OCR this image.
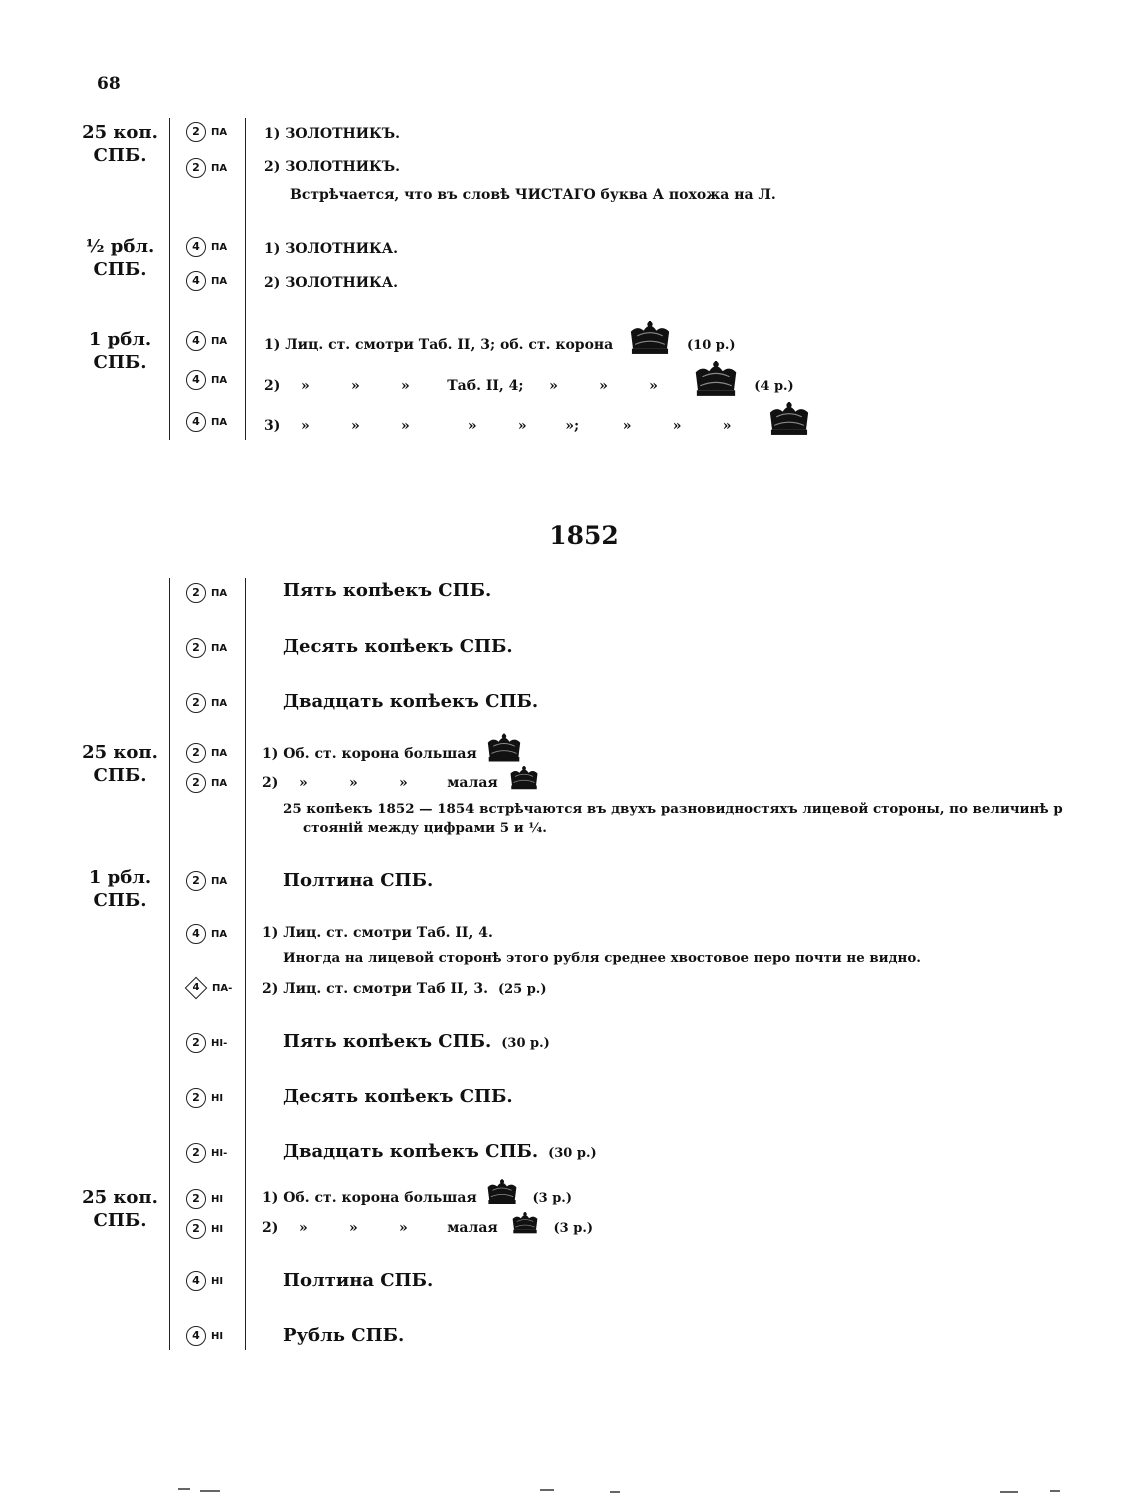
68
25 коп.
СПБ.
2	ПА	1) ЗОЛОТНИКЪ.
2	ПА	2) ЗОЛОТНИКЪ.
Встрѣчается, что въ словѣ ЧИСТАГО буква А похожа на Л.
½ рбл.
СПБ.
4	ПА	1) ЗОЛОТНИКА.
4	ПА	2) ЗОЛОТНИКА.
1 рбл.
СПБ.
4	ПА	1) Лиц. ст. смотри Таб. II, 3; об. ст. корона	(10 р.)
4	ПА	2) »	»	»	Таб. II, 4; »	»	»	(4 р.)
4	ПА	3) »	»	»	»	»	»;	»	»	»
1852
2	ПА	Пять копѣекъ СПБ.
2	ПА	Десять копѣекъ СПБ.
2	ПА	Двадцать копѣекъ СПБ.
25 коп.
СПБ.
2	ПА 1) Об. ст. корона большая
2	ПА 2) »	»	»	малая
25 копѣекъ 1852 — 1854 встрѣчаются въ двухъ разновидностяхъ лицевой стороны, по величинѣ р
стояній между цифрами 5 и ¼.
1 рбл.
СПБ.
2	ПА	Полтина СПБ.
4	ПА 1) Лиц. ст. смотри Таб. II, 4.
Иногда на лицевой сторонѣ этого рубля среднее хвостовое перо почти не видно.
4	ПА- 2) Лиц. ст. смотри Таб II, 3. (25 р.)
2	НІ-	Пять копѣекъ СПБ. (30 р.)
2	НІ	Десять копѣекъ СПБ.
2	НІ-	Двадцать копѣекъ СПБ. (30 р.)
25 коп.
СПБ.
2	НІ	1) Об. ст. корона большая	(3 р.)
2	НІ	2) »	»	»	малая	(3 р.)
4	НІ	Полтина СПБ.
4	НІ	Рубль СПБ.
